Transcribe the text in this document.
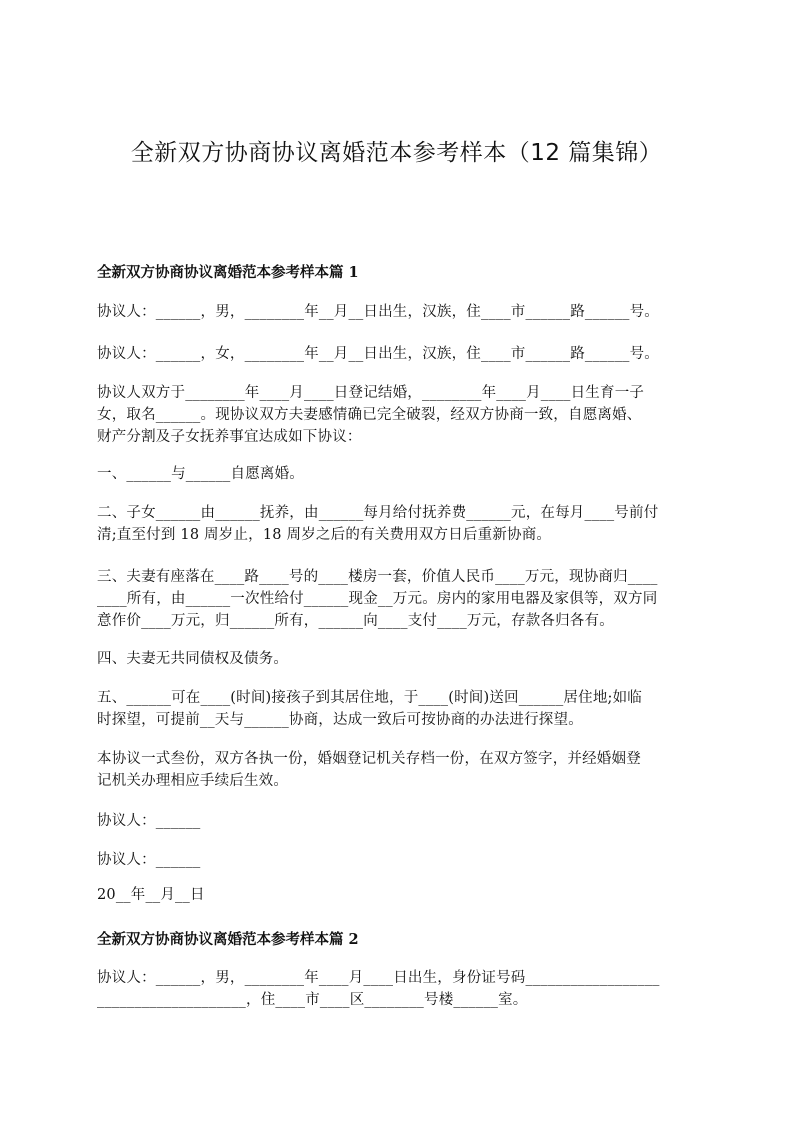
全新双方协商协议离婚范本参考样本（12 篇集锦）
全新双方协商协议离婚范本参考样本篇 1
协议人：______，男，________年__月__日出生，汉族，住____市______路______号。
协议人：______，女，________年__月__日出生，汉族，住____市______路______号。
协议人双方于________年____月____日登记结婚，________年____月____日生育一子
女，取名______。现协议双方夫妻感情确已完全破裂，经双方协商一致，自愿离婚、
财产分割及子女抚养事宜达成如下协议：
一、______与______自愿离婚。
二、子女______由______抚养，由______每月给付抚养费______元，在每月____号前付
清;直至付到 18 周岁止，18 周岁之后的有关费用双方日后重新协商。
三、夫妻有座落在____路____号的____楼房一套，价值人民币____万元，现协商归____
____所有，由______一次性给付______现金__万元。房内的家用电器及家俱等，双方同
意作价____万元，归______所有，______向____支付____万元，存款各归各有。
四、夫妻无共同债权及债务。
五、______可在____(时间)接孩子到其居住地，于____(时间)送回______居住地;如临
时探望，可提前__天与______协商，达成一致后可按协商的办法进行探望。
本协议一式叁份，双方各执一份，婚姻登记机关存档一份，在双方签字，并经婚姻登
记机关办理相应手续后生效。
协议人：______
协议人：______
20__年__月__日
全新双方协商协议离婚范本参考样本篇 2
协议人：______，男，________年____月____日出生，身份证号码__________________
____________________，住____市____区________号楼______室。
